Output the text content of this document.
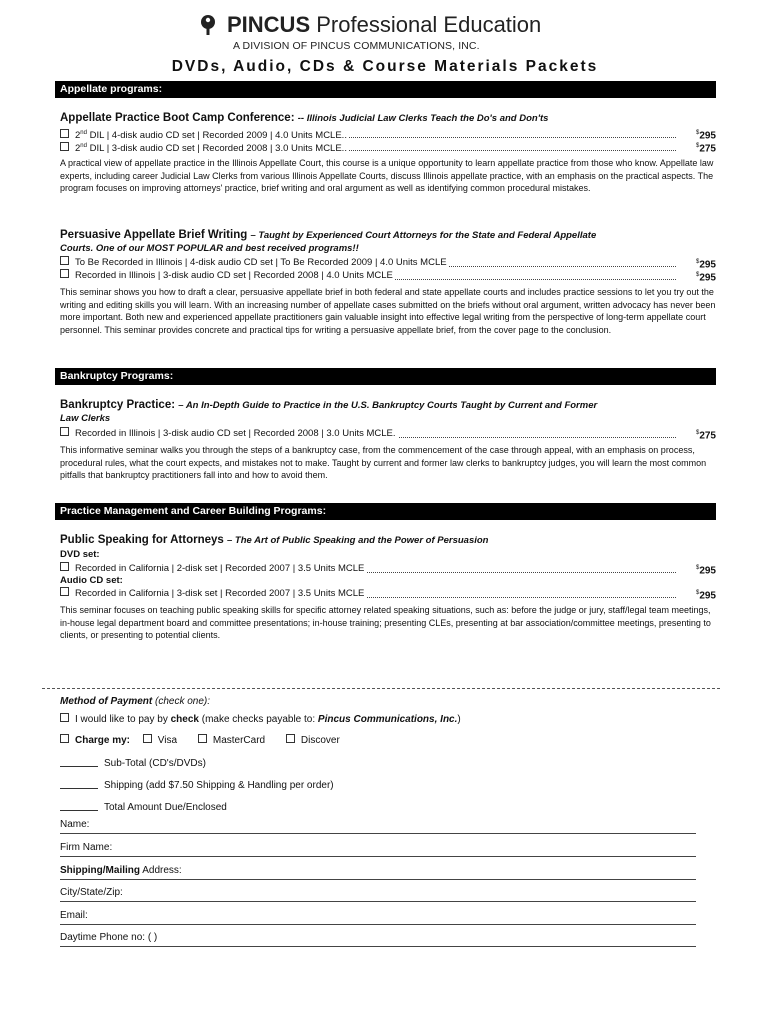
PINCUS Professional Education
A DIVISION OF PINCUS COMMUNICATIONS, INC.
DVDs, Audio, CDs & Course Materials Packets
Appellate programs:
Appellate Practice Boot Camp Conference: -- Illinois Judicial Law Clerks Teach the Do's and Don'ts
2nd DIL | 4-disk audio CD set | Recorded 2009 | 4.0 Units MCLE..	$295
2nd DIL | 3-disk audio CD set | Recorded 2008 | 3.0 Units MCLE..	$275
A practical view of appellate practice in the Illinois Appellate Court, this course is a unique opportunity to learn appellate practice from those who know. Appellate law experts, including career Judicial Law Clerks from various Illinois Appellate Courts, discuss Illinois appellate practice, with an emphasis on the practical aspects. The program focuses on improving attorneys' practice, brief writing and oral argument as well as identifying common procedural mistakes.
Persuasive Appellate Brief Writing – Taught by Experienced Court Attorneys for the State and Federal Appellate
Courts. One of our MOST POPULAR and best received programs!!
To Be Recorded in Illinois | 4-disk audio CD set | To Be Recorded 2009 | 4.0 Units MCLE	$295
Recorded in Illinois | 3-disk audio CD set | Recorded 2008 | 4.0 Units MCLE	$295
This seminar shows you how to draft a clear, persuasive appellate brief in both federal and state appellate courts and includes practice sessions to let you try out the writing and editing skills you will learn. With an increasing number of appellate cases submitted on the briefs without oral argument, written advocacy has never been more important. Both new and experienced appellate practitioners gain valuable insight into effective legal writing from the perspective of long-term appellate court personnel. This seminar provides concrete and practical tips for writing a persuasive appellate brief, from the cover page to the conclusion.
Bankruptcy Programs:
Bankruptcy Practice: – An In-Depth Guide to Practice in the U.S. Bankruptcy Courts Taught by Current and Former
Law Clerks
Recorded in Illinois | 3-disk audio CD set | Recorded 2008 | 3.0 Units MCLE.	$275
This informative seminar walks you through the steps of a bankruptcy case, from the commencement of the case through appeal, with an emphasis on process, procedural rules, what the court expects, and mistakes not to make. Taught by current and former law clerks to bankruptcy judges, you will learn the most common pitfalls that bankruptcy practitioners fall into and how to avoid them.
Practice Management and Career Building Programs:
Public Speaking for Attorneys – The Art of Public Speaking and the Power of Persuasion
DVD set:
Recorded in California | 2-disk set | Recorded 2007 | 3.5 Units MCLE	$295
Audio CD set:
Recorded in California | 3-disk set | Recorded 2007 | 3.5 Units MCLE	$295
This seminar focuses on teaching public speaking skills for specific attorney related speaking situations, such as: before the judge or jury, staff/legal team meetings, in-house legal department board and committee presentations; in-house training; presenting CLEs, presenting at bar association/committee meetings, presenting to clients, or presenting to potential clients.
Method of Payment (check one):
I would like to pay by check (make checks payable to: Pincus Communications, Inc.)
Charge my:	Visa	MasterCard	Discover
Sub-Total (CD's/DVDs)
Shipping (add $7.50 Shipping & Handling per order)
Total Amount Due/Enclosed
Name:
Firm Name:
Shipping/Mailing Address:
City/State/Zip:
Email:
Daytime Phone no: ( )
